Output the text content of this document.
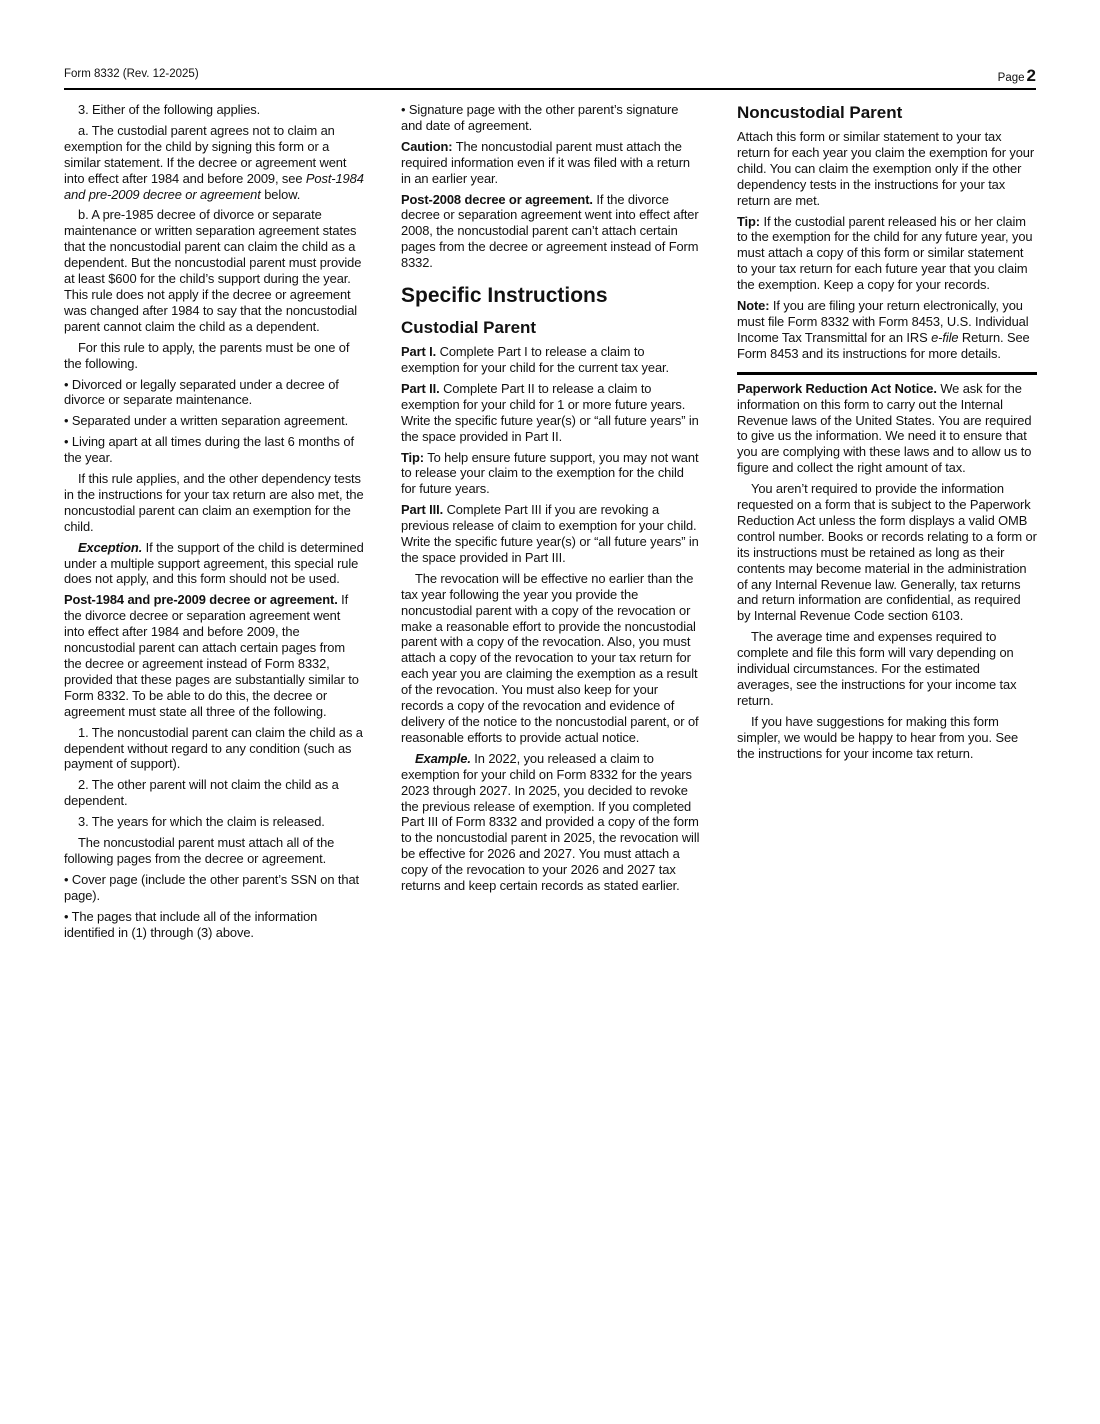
Form 8332 (Rev. 12-2025)	Page 2

3. Either of the following applies.

a. The custodial parent agrees not to claim an exemption for the child by signing this form or a similar statement. If the decree or agreement went into effect after 1984 and before 2009, see Post-1984 and pre-2009 decree or agreement below.

b. A pre-1985 decree of divorce or separate maintenance or written separation agreement states that the noncustodial parent can claim the child as a dependent. But the noncustodial parent must provide at least $600 for the child’s support during the year. This rule does not apply if the decree or agreement was changed after 1984 to say that the noncustodial parent cannot claim the child as a dependent.

For this rule to apply, the parents must be one of the following.

• Divorced or legally separated under a decree of divorce or separate maintenance.

• Separated under a written separation agreement.

• Living apart at all times during the last 6 months of the year.

If this rule applies, and the other dependency tests in the instructions for your tax return are also met, the noncustodial parent can claim an exemption for the child.

Exception. If the support of the child is determined under a multiple support agreement, this special rule does not apply, and this form should not be used.

Post-1984 and pre-2009 decree or agreement. If the divorce decree or separation agreement went into effect after 1984 and before 2009, the noncustodial parent can attach certain pages from the decree or agreement instead of Form 8332, provided that these pages are substantially similar to Form 8332. To be able to do this, the decree or agreement must state all three of the following.

1. The noncustodial parent can claim the child as a dependent without regard to any condition (such as payment of support).

2. The other parent will not claim the child as a dependent.

3. The years for which the claim is released.

The noncustodial parent must attach all of the following pages from the decree or agreement.

• Cover page (include the other parent’s SSN on that page).

• The pages that include all of the information identified in (1) through (3) above.

• Signature page with the other parent’s signature and date of agreement.

Caution: The noncustodial parent must attach the required information even if it was filed with a return in an earlier year.

Post-2008 decree or agreement. If the divorce decree or separation agreement went into effect after 2008, the noncustodial parent can’t attach certain pages from the decree or agreement instead of Form 8332.

Specific Instructions
Custodial Parent

Part I. Complete Part I to release a claim to exemption for your child for the current tax year.

Part II. Complete Part II to release a claim to exemption for your child for 1 or more future years. Write the specific future year(s) or “all future years” in the space provided in Part II.

Tip: To help ensure future support, you may not want to release your claim to the exemption for the child for future years.

Part III. Complete Part III if you are revoking a previous release of claim to exemption for your child. Write the specific future year(s) or “all future years” in the space provided in Part III.

The revocation will be effective no earlier than the tax year following the year you provide the noncustodial parent with a copy of the revocation or make a reasonable effort to provide the noncustodial parent with a copy of the revocation. Also, you must attach a copy of the revocation to your tax return for each year you are claiming the exemption as a result of the revocation. You must also keep for your records a copy of the revocation and evidence of delivery of the notice to the noncustodial parent, or of reasonable efforts to provide actual notice.

Example. In 2022, you released a claim to exemption for your child on Form 8332 for the years 2023 through 2027. In 2025, you decided to revoke the previous release of exemption. If you completed Part III of Form 8332 and provided a copy of the form to the noncustodial parent in 2025, the revocation will be effective for 2026 and 2027. You must attach a copy of the revocation to your 2026 and 2027 tax returns and keep certain records as stated earlier.

Noncustodial Parent

Attach this form or similar statement to your tax return for each year you claim the exemption for your child. You can claim the exemption only if the other dependency tests in the instructions for your tax return are met.

Tip: If the custodial parent released his or her claim to the exemption for the child for any future year, you must attach a copy of this form or similar statement to your tax return for each future year that you claim the exemption. Keep a copy for your records.

Note: If you are filing your return electronically, you must file Form 8332 with Form 8453, U.S. Individual Income Tax Transmittal for an IRS e-file Return. See Form 8453 and its instructions for more details.

Paperwork Reduction Act Notice. We ask for the information on this form to carry out the Internal Revenue laws of the United States. You are required to give us the information. We need it to ensure that you are complying with these laws and to allow us to figure and collect the right amount of tax.

You aren’t required to provide the information requested on a form that is subject to the Paperwork Reduction Act unless the form displays a valid OMB control number. Books or records relating to a form or its instructions must be retained as long as their contents may become material in the administration of any Internal Revenue law. Generally, tax returns and return information are confidential, as required by Internal Revenue Code section 6103.

The average time and expenses required to complete and file this form will vary depending on individual circumstances. For the estimated averages, see the instructions for your income tax return.

If you have suggestions for making this form simpler, we would be happy to hear from you. See the instructions for your income tax return.
